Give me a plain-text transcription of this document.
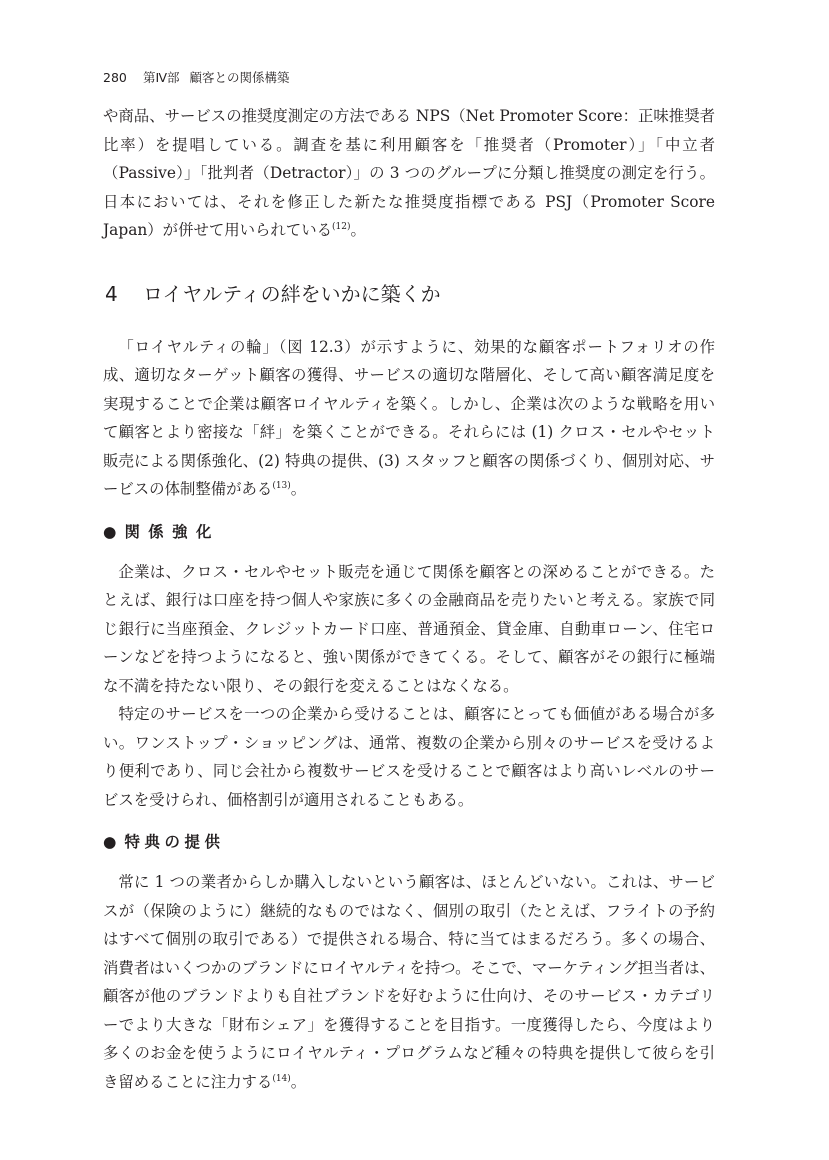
280 第Ⅳ部 顧客との関係構築

や商品、サービスの推奨度測定の方法である NPS（Net Promoter Score：正味推奨者比率）を提唱している。調査を基に利用顧客を「推奨者（Promoter）」「中立者（Passive）」「批判者（Detractor）」の 3 つのグループに分類し推奨度の測定を行う。日本においては、それを修正した新たな推奨度指標である PSJ（Promoter Score Japan）が併せて用いられている$^{(12)}$。

4 ロイヤルティの絆をいかに築くか

「ロイヤルティの輪」（図 12.3）が示すように、効果的な顧客ポートフォリオの作成、適切なターゲット顧客の獲得、サービスの適切な階層化、そして高い顧客満足度を実現することで企業は顧客ロイヤルティを築く。しかし、企業は次のような戦略を用いて顧客とより密接な「絆」を築くことができる。それらには (1) クロス・セルやセット販売による関係強化、(2) 特典の提供、(3) スタッフと顧客の関係づくり、個別対応、サービスの体制整備がある$^{(13)}$。

● 関係強化

企業は、クロス・セルやセット販売を通じて関係を顧客との深めることができる。たとえば、銀行は口座を持つ個人や家族に多くの金融商品を売りたいと考える。家族で同じ銀行に当座預金、クレジットカード口座、普通預金、貸金庫、自動車ローン、住宅ローンなどを持つようになると、強い関係ができてくる。そして、顧客がその銀行に極端な不満を持たない限り、その銀行を変えることはなくなる。

特定のサービスを一つの企業から受けることは、顧客にとっても価値がある場合が多い。ワンストップ・ショッピングは、通常、複数の企業から別々のサービスを受けるより便利であり、同じ会社から複数サービスを受けることで顧客はより高いレベルのサービスを受けられ、価格割引が適用されることもある。

● 特典の提供

常に 1 つの業者からしか購入しないという顧客は、ほとんどいない。これは、サービスが（保険のように）継続的なものではなく、個別の取引（たとえば、フライトの予約はすべて個別の取引である）で提供される場合、特に当てはまるだろう。多くの場合、消費者はいくつかのブランドにロイヤルティを持つ。そこで、マーケティング担当者は、顧客が他のブランドよりも自社ブランドを好むように仕向け、そのサービス・カテゴリーでより大きな「財布シェア」を獲得することを目指す。一度獲得したら、今度はより多くのお金を使うようにロイヤルティ・プログラムなど種々の特典を提供して彼らを引き留めることに注力する$^{(14)}$。
